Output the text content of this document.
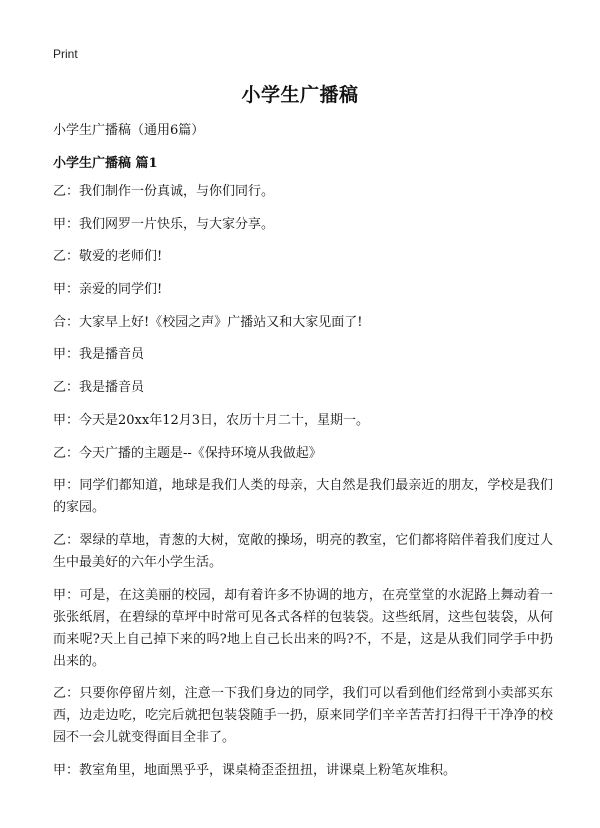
Print
小学生广播稿
小学生广播稿（通用6篇）
小学生广播稿 篇1

乙：我们制作一份真诚，与你们同行。

甲：我们网罗一片快乐，与大家分享。

乙：敬爱的老师们!

甲：亲爱的同学们!

合：大家早上好!《校园之声》广播站又和大家见面了!

甲：我是播音员

乙：我是播音员

甲：今天是20xx年12月3日，农历十月二十，星期一。

乙：今天广播的主题是--《保持环境从我做起》

甲：同学们都知道，地球是我们人类的母亲，大自然是我们最亲近的朋友，学校是我们的家园。

乙：翠绿的草地，青葱的大树，宽敞的操场，明亮的教室，它们都将陪伴着我们度过人生中最美好的六年小学生活。

甲：可是，在这美丽的校园，却有着许多不协调的地方，在亮堂堂的水泥路上舞动着一张张纸屑，在碧绿的草坪中时常可见各式各样的包装袋。这些纸屑，这些包装袋，从何而来呢?天上自己掉下来的吗?地上自己长出来的吗?不，不是，这是从我们同学手中扔出来的。

乙：只要你停留片刻，注意一下我们身边的同学，我们可以看到他们经常到小卖部买东西，边走边吃，吃完后就把包装袋随手一扔，原来同学们辛辛苦苦打扫得干干净净的校园不一会儿就变得面目全非了。

甲：教室角里，地面黑乎乎，课桌椅歪歪扭扭，讲课桌上粉笔灰堆积。
